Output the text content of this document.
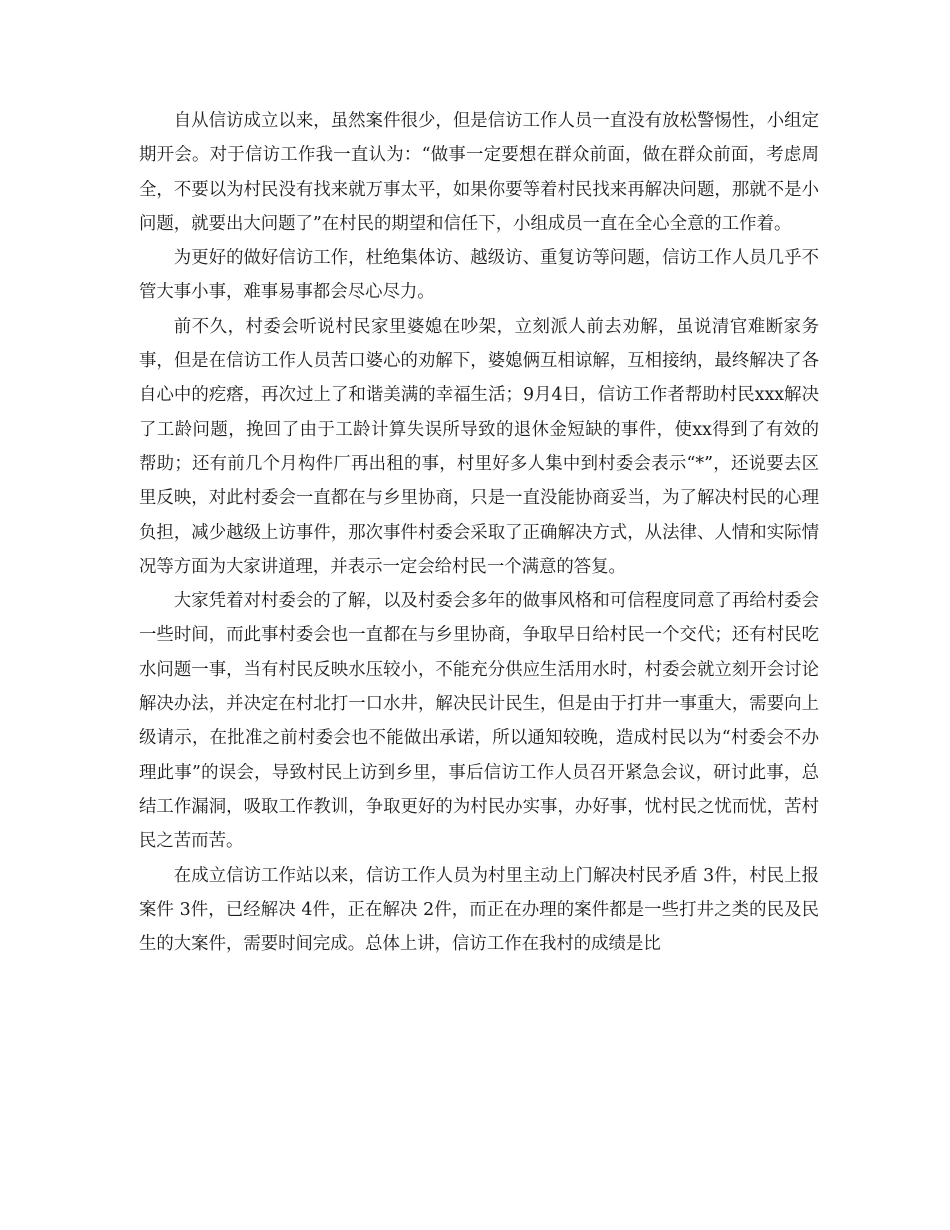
自从信访成立以来，虽然案件很少，但是信访工作人员一直没有放松警惕性，小组定期开会。对于信访工作我一直认为：“做事一定要想在群众前面，做在群众前面，考虑周全，不要以为村民没有找来就万事太平，如果你要等着村民找来再解决问题，那就不是小问题，就要出大问题了”在村民的期望和信任下，小组成员一直在全心全意的工作着。

为更好的做好信访工作，杜绝集体访、越级访、重复访等问题，信访工作人员几乎不管大事小事，难事易事都会尽心尽力。

前不久，村委会听说村民家里婆媳在吵架，立刻派人前去劝解，虽说清官难断家务事，但是在信访工作人员苦口婆心的劝解下，婆媳俩互相谅解，互相接纳，最终解决了各自心中的疙瘩，再次过上了和谐美满的幸福生活；9月4日，信访工作者帮助村民xxx解决了工龄问题，挽回了由于工龄计算失误所导致的退休金短缺的事件，使xx得到了有效的帮助；还有前几个月构件厂再出租的事，村里好多人集中到村委会表示“*”，还说要去区里反映，对此村委会一直都在与乡里协商，只是一直没能协商妥当，为了解决村民的心理负担，减少越级上访事件，那次事件村委会采取了正确解决方式，从法律、人情和实际情况等方面为大家讲道理，并表示一定会给村民一个满意的答复。

大家凭着对村委会的了解，以及村委会多年的做事风格和可信程度同意了再给村委会一些时间，而此事村委会也一直都在与乡里协商，争取早日给村民一个交代；还有村民吃水问题一事，当有村民反映水压较小，不能充分供应生活用水时，村委会就立刻开会讨论解决办法，并决定在村北打一口水井，解决民计民生，但是由于打井一事重大，需要向上级请示，在批准之前村委会也不能做出承诺，所以通知较晚，造成村民以为“村委会不办理此事”的误会，导致村民上访到乡里，事后信访工作人员召开紧急会议，研讨此事，总结工作漏洞，吸取工作教训，争取更好的为村民办实事，办好事，忧村民之忧而忧，苦村民之苦而苦。

在成立信访工作站以来，信访工作人员为村里主动上门解决村民矛盾 3件，村民上报案件 3件，已经解决 4件，正在解决 2件，而正在办理的案件都是一些打井之类的民及民生的大案件，需要时间完成。总体上讲，信访工作在我村的成绩是比
